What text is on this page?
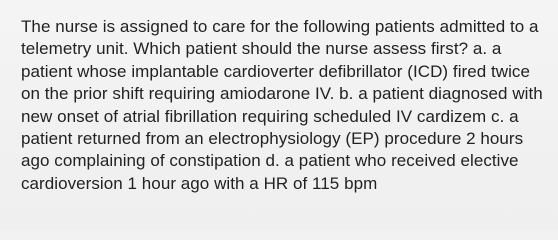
The nurse is assigned to care for the following patients admitted to a telemetry unit. Which patient should the nurse assess first? a. a patient whose implantable cardioverter defibrillator (ICD) fired twice on the prior shift requiring amiodarone IV. b. a patient diagnosed with new onset of atrial fibrillation requiring scheduled IV cardizem c. a patient returned from an electrophysiology (EP) procedure 2 hours ago complaining of constipation d. a patient who received elective cardioversion 1 hour ago with a HR of 115 bpm
